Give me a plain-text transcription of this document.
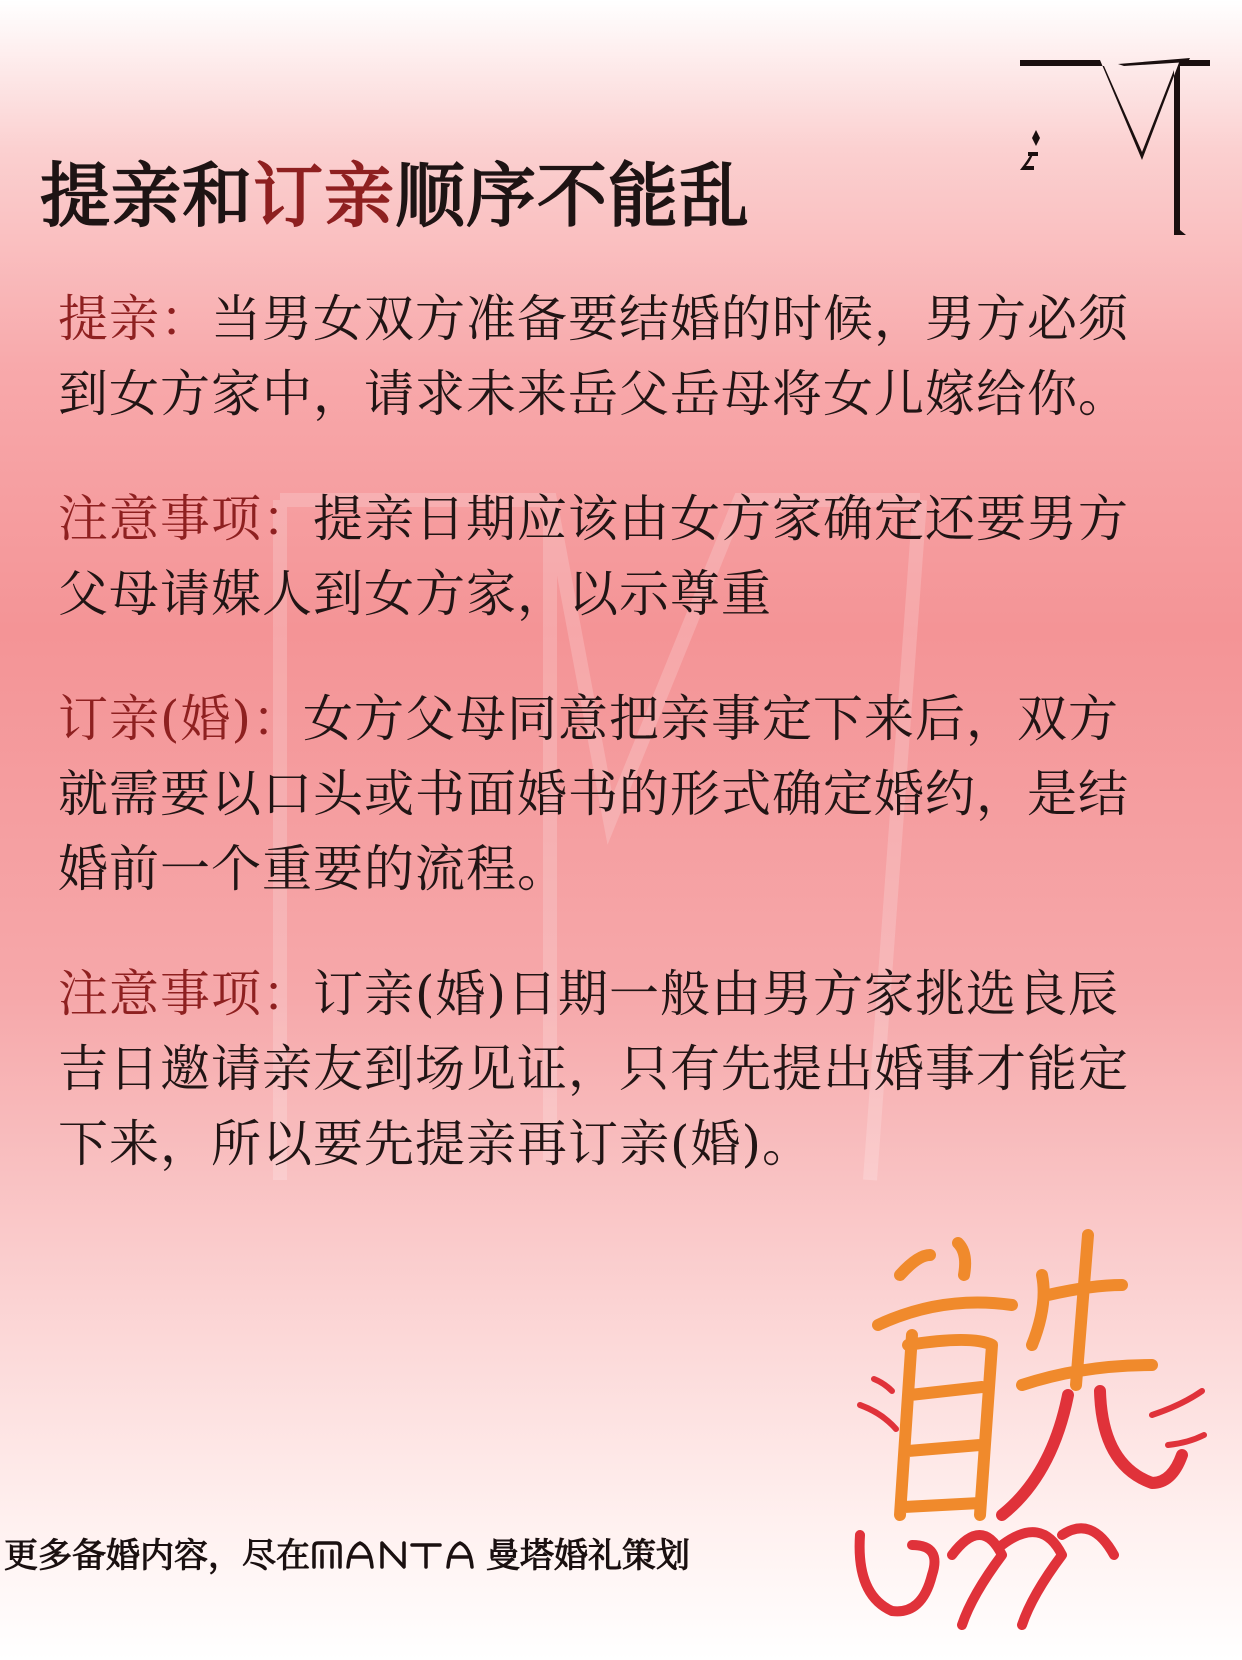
提亲和订亲顺序不能乱

提亲：当男女双方准备要结婚的时候，男方必须到女方家中，请求未来岳父岳母将女儿嫁给你。

注意事项：提亲日期应该由女方家确定还要男方父母请媒人到女方家，以示尊重

订亲(婚)：女方父母同意把亲事定下来后，双方就需要以口头或书面婚书的形式确定婚约，是结婚前一个重要的流程。

注意事项：订亲(婚)日期一般由男方家挑选良辰吉日邀请亲友到场见证，只有先提出婚事才能定下来，所以要先提亲再订亲(婚)。

更多备婚内容，尽在	曼塔婚礼策划
